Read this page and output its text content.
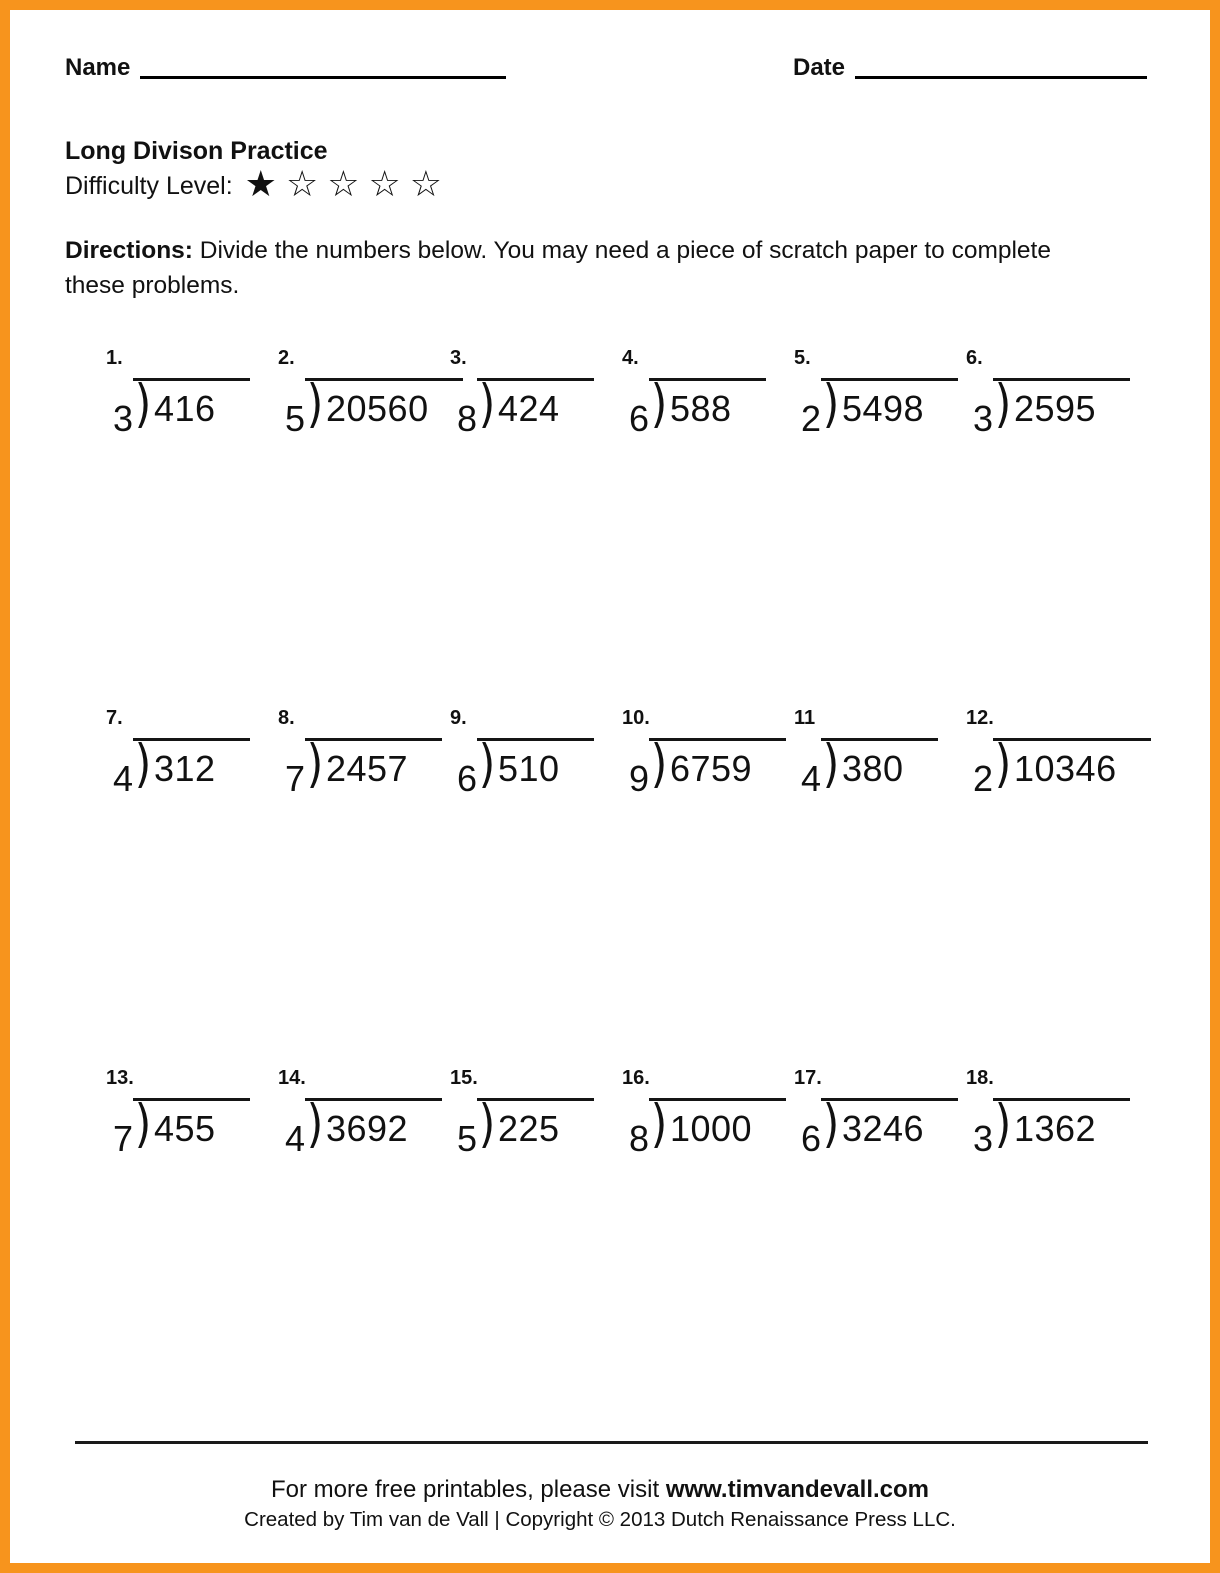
Name	Date
Long Divison Practice
Difficulty Level: ★ ☆ ☆ ☆ ☆
Directions: Divide the numbers below. You may need a piece of scratch paper to complete these problems.
1.
3 ) 416
2.
5 ) 20560
3.
8 ) 424
4.
6 ) 588
5.
2 ) 5498
6.
3 ) 2595
7.
4 ) 312
8.
7 ) 2457
9.
6 ) 510
10.
9 ) 6759
11
4 ) 380
12.
2 ) 10346
13.
7 ) 455
14.
4 ) 3692
15.
5 ) 225
16.
8 ) 1000
17.
6 ) 3246
18.
3 ) 1362
For more free printables, please visit www.timvandevall.com
Created by Tim van de Vall | Copyright © 2013 Dutch Renaissance Press LLC.
